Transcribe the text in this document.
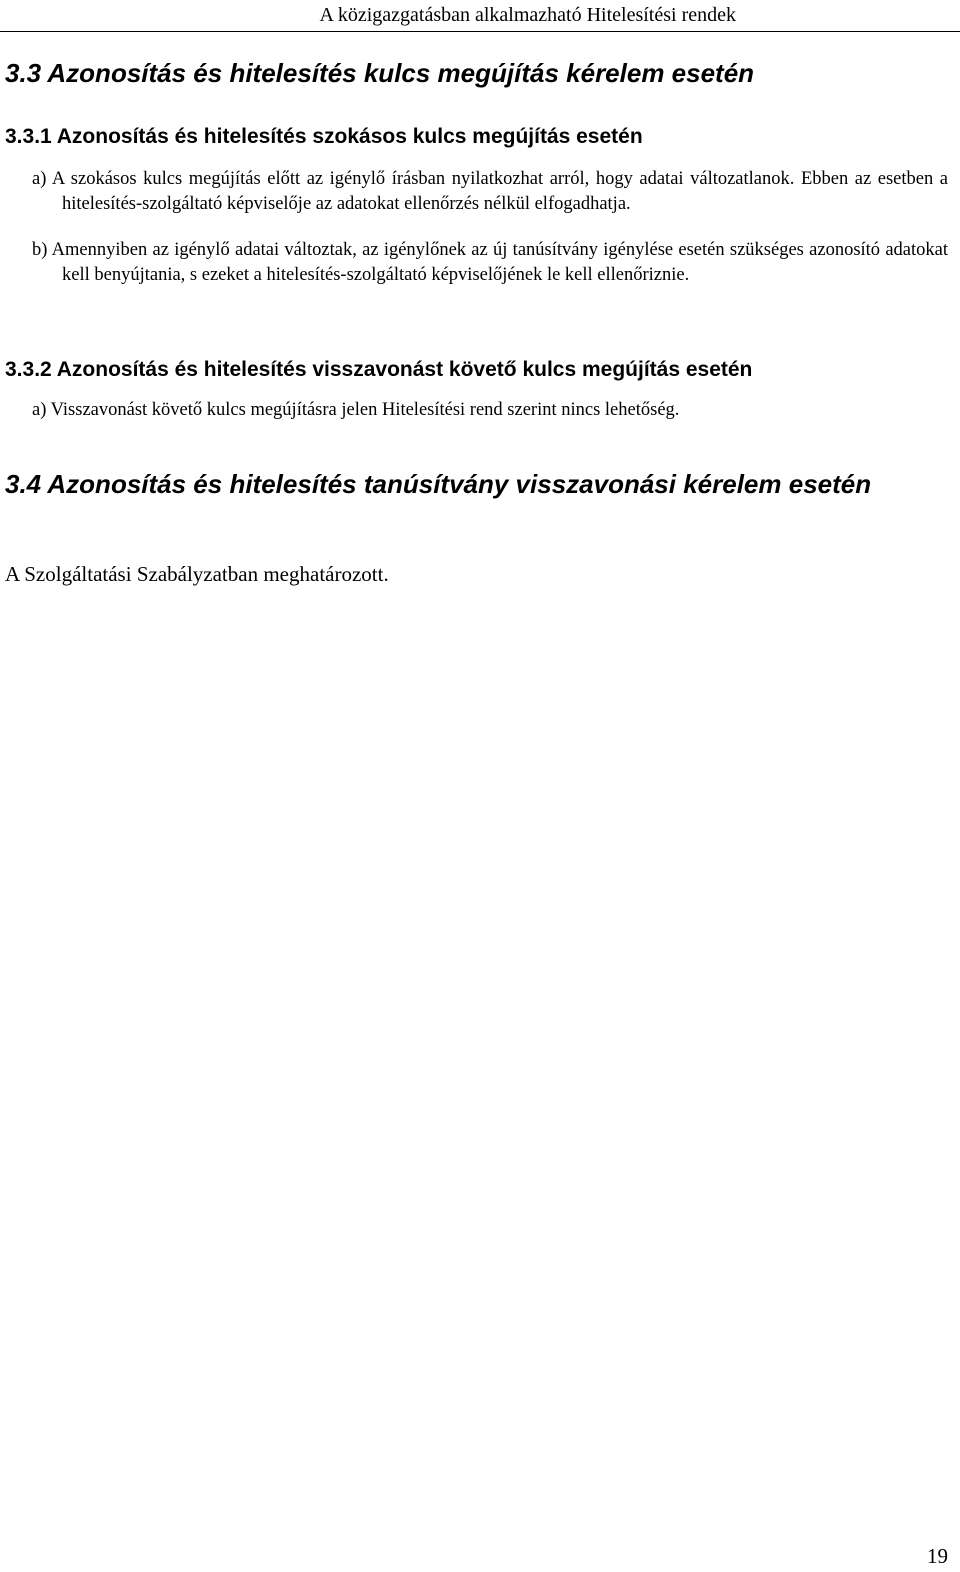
A közigazgatásban alkalmazható Hitelesítési rendek
3.3 Azonosítás és hitelesítés kulcs megújítás kérelem esetén
3.3.1 Azonosítás és hitelesítés szokásos kulcs megújítás esetén

a) A szokásos kulcs megújítás előtt az igénylő írásban nyilatkozhat arról, hogy adatai változatlanok. Ebben az esetben a hitelesítés-szolgáltató képviselője az adatokat ellenőrzés nélkül elfogadhatja.

b) Amennyiben az igénylő adatai változtak, az igénylőnek az új tanúsítvány igénylése esetén szükséges azonosító adatokat kell benyújtania, s ezeket a hitelesítés-szolgáltató képviselőjének le kell ellenőriznie.

3.3.2 Azonosítás és hitelesítés visszavonást követő kulcs megújítás esetén

a) Visszavonást követő kulcs megújításra jelen Hitelesítési rend szerint nincs lehetőség.

3.4 Azonosítás és hitelesítés tanúsítvány visszavonási kérelem esetén

A Szolgáltatási Szabályzatban meghatározott.

19
